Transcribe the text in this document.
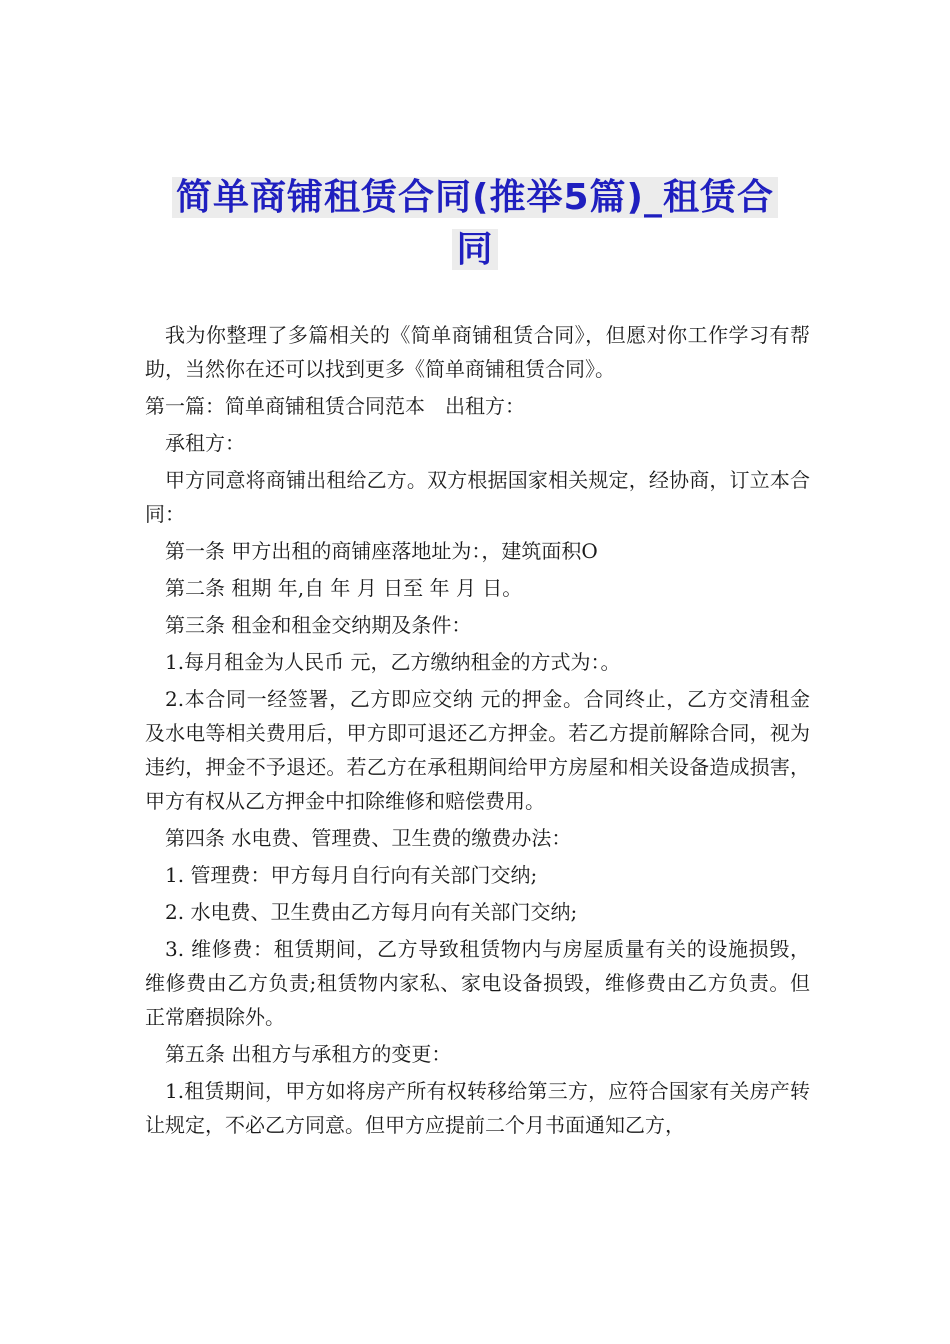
简单商铺租赁合同(推举5篇)_租赁合
同

我为你整理了多篇相关的《简单商铺租赁合同》，但愿对你工作学习有帮助，当然你在还可以找到更多《简单商铺租赁合同》。

第一篇：简单商铺租赁合同范本　出租方：

承租方：

甲方同意将商铺出租给乙方。双方根据国家相关规定，经协商，订立本合同：

第一条 甲方出租的商铺座落地址为：，建筑面积O

第二条 租期 年,自 年 月 日至 年 月 日。

第三条 租金和租金交纳期及条件：

1.每月租金为人民币 元，乙方缴纳租金的方式为：。

2.本合同一经签署，乙方即应交纳 元的押金。合同终止，乙方交清租金及水电等相关费用后，甲方即可退还乙方押金。若乙方提前解除合同，视为违约，押金不予退还。若乙方在承租期间给甲方房屋和相关设备造成损害，甲方有权从乙方押金中扣除维修和赔偿费用。

第四条 水电费、管理费、卫生费的缴费办法：

1. 管理费：甲方每月自行向有关部门交纳;

2. 水电费、卫生费由乙方每月向有关部门交纳;

3. 维修费：租赁期间，乙方导致租赁物内与房屋质量有关的设施损毁，维修费由乙方负责;租赁物内家私、家电设备损毁，维修费由乙方负责。但正常磨损除外。

第五条 出租方与承租方的变更：

1.租赁期间，甲方如将房产所有权转移给第三方，应符合国家有关房产转让规定，不必乙方同意。但甲方应提前二个月书面通知乙方，
